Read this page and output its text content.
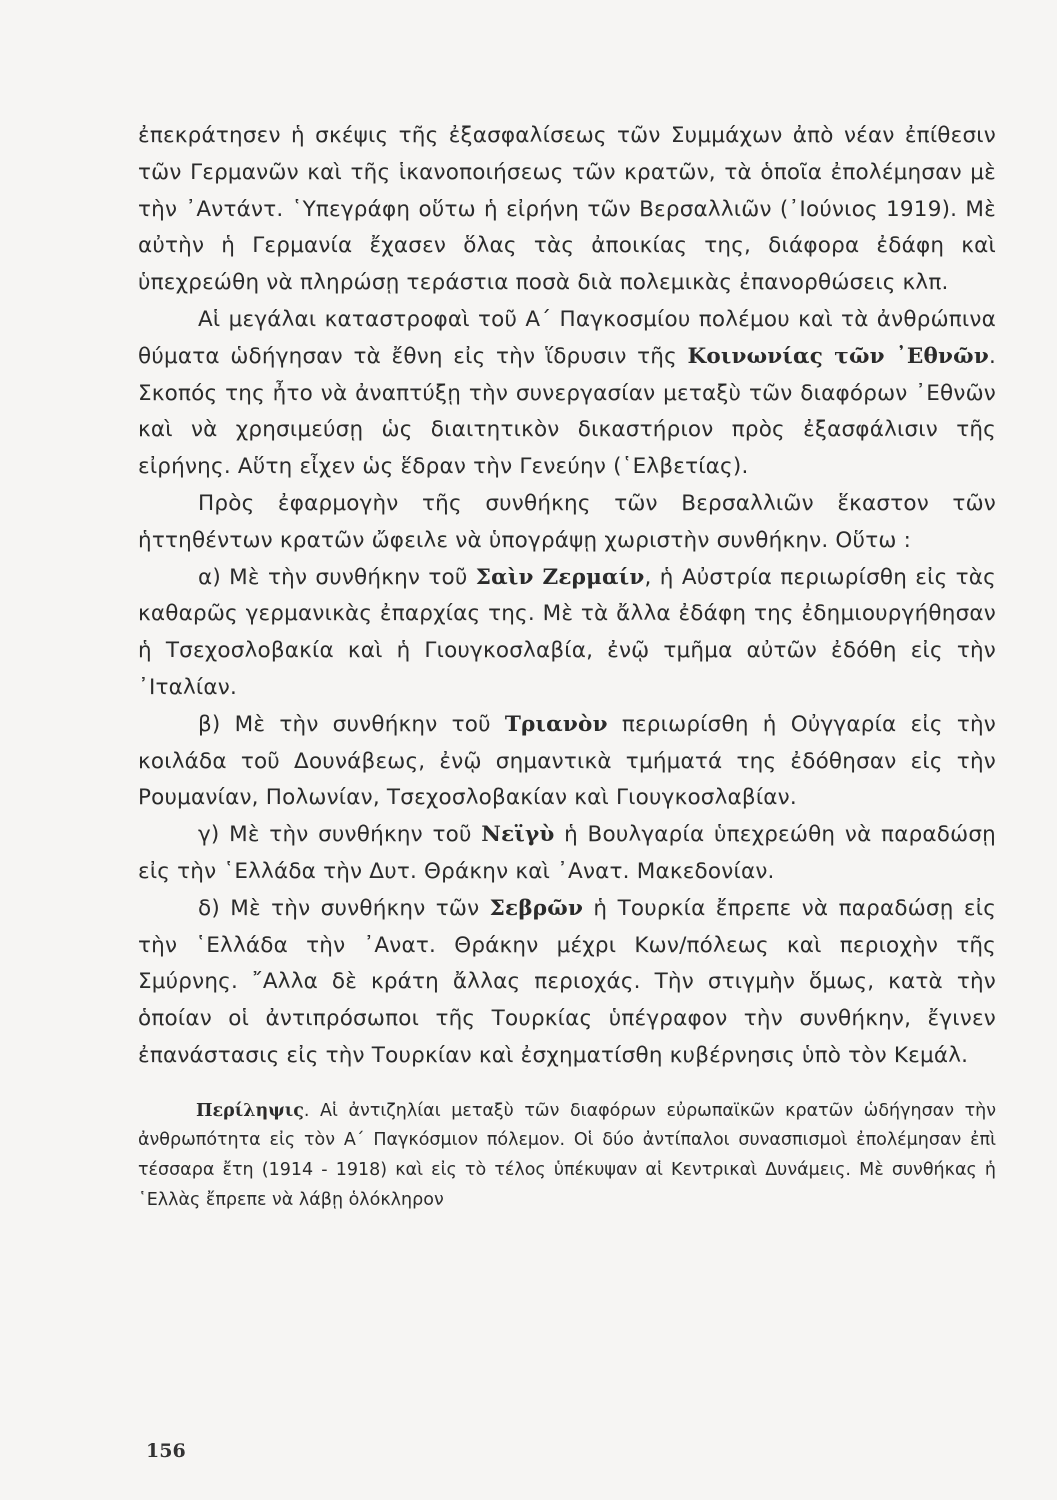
ἐπεκράτησεν ἡ σκέψις τῆς ἐξασφαλίσεως τῶν Συμμάχων ἀπὸ νέαν ἐπίθεσιν τῶν Γερμανῶν καὶ τῆς ἱκανοποιήσεως τῶν κρατῶν, τὰ ὁποῖα ἐπολέμησαν μὲ τὴν ᾿Αντάντ. ῾Υπεγράφη οὕτω ἡ εἰρήνη τῶν Βερσαλλιῶν (᾿Ιούνιος 1919). Μὲ αὐτὴν ἡ Γερμανία ἔχασεν ὅλας τὰς ἀποικίας της, διάφορα ἐδάφη καὶ ὑπεχρεώθη νὰ πληρώσῃ τεράστια ποσὰ διὰ πολεμικὰς ἐπανορθώσεις κλπ.

Αἱ μεγάλαι καταστροφαὶ τοῦ Α΄ Παγκοσμίου πολέμου καὶ τὰ ἀνθρώπινα θύματα ὡδήγησαν τὰ ἔθνη εἰς τὴν ἵδρυσιν τῆς Κοινωνίας τῶν ᾿Εθνῶν. Σκοπός της ἦτο νὰ ἀναπτύξῃ τὴν συνεργασίαν μεταξὺ τῶν διαφόρων ᾿Εθνῶν καὶ νὰ χρησιμεύσῃ ὡς διαιτητικὸν δικαστήριον πρὸς ἐξασφάλισιν τῆς εἰρήνης. Αὕτη εἶχεν ὡς ἕδραν τὴν Γενεύην (῾Ελβετίας).

Πρὸς ἐφαρμογὴν τῆς συνθήκης τῶν Βερσαλλιῶν ἕκαστον τῶν ἡττηθέντων κρατῶν ὤφειλε νὰ ὑπογράψῃ χωριστὴν συνθήκην. Οὕτω :

α) Μὲ τὴν συνθήκην τοῦ Σαὶν Ζερμαίν, ἡ Αὐστρία περιωρίσθη εἰς τὰς καθαρῶς γερμανικὰς ἐπαρχίας της. Μὲ τὰ ἄλλα ἐδάφη της ἐδημιουργήθησαν ἡ Τσεχοσλοβακία καὶ ἡ Γιουγκοσλαβία, ἐνῷ τμῆμα αὐτῶν ἐδόθη εἰς τὴν ᾿Ιταλίαν.

β) Μὲ τὴν συνθήκην τοῦ Τριανὸν περιωρίσθη ἡ Οὐγγαρία εἰς τὴν κοιλάδα τοῦ Δουνάβεως, ἐνῷ σημαντικὰ τμήματά της ἐδόθησαν εἰς τὴν Ρουμανίαν, Πολωνίαν, Τσεχοσλοβακίαν καὶ Γιουγκοσλαβίαν.

γ) Μὲ τὴν συνθήκην τοῦ Νεϊγὺ ἡ Βουλγαρία ὑπεχρεώθη νὰ παραδώσῃ εἰς τὴν ῾Ελλάδα τὴν Δυτ. Θράκην καὶ ᾿Ανατ. Μακεδονίαν.

δ) Μὲ τὴν συνθήκην τῶν Σεβρῶν ἡ Τουρκία ἔπρεπε νὰ παραδώσῃ εἰς τὴν ῾Ελλάδα τὴν ᾿Ανατ. Θράκην μέχρι Κων/πόλεως καὶ περιοχὴν τῆς Σμύρνης. ῎Αλλα δὲ κράτη ἄλλας περιοχάς. Τὴν στιγμὴν ὅμως, κατὰ τὴν ὁποίαν οἱ ἀντιπρόσωποι τῆς Τουρκίας ὑπέγραφον τὴν συνθήκην, ἔγινεν ἐπανάστασις εἰς τὴν Τουρκίαν καὶ ἐσχηματίσθη κυβέρνησις ὑπὸ τὸν Κεμάλ.

Περίληψις. Αἱ ἀντιζηλίαι μεταξὺ τῶν διαφόρων εὐρωπαϊκῶν κρατῶν ὡδήγησαν τὴν ἀνθρωπότητα εἰς τὸν Α΄ Παγκόσμιον πόλεμον. Οἱ δύο ἀντίπαλοι συνασπισμοὶ ἐπολέμησαν ἐπὶ τέσσαρα ἔτη (1914 - 1918) καὶ εἰς τὸ τέλος ὑπέκυψαν αἱ Κεντρικαὶ Δυνάμεις. Μὲ συνθήκας ἡ ῾Ελλὰς ἔπρεπε νὰ λάβῃ ὁλόκληρον

156
